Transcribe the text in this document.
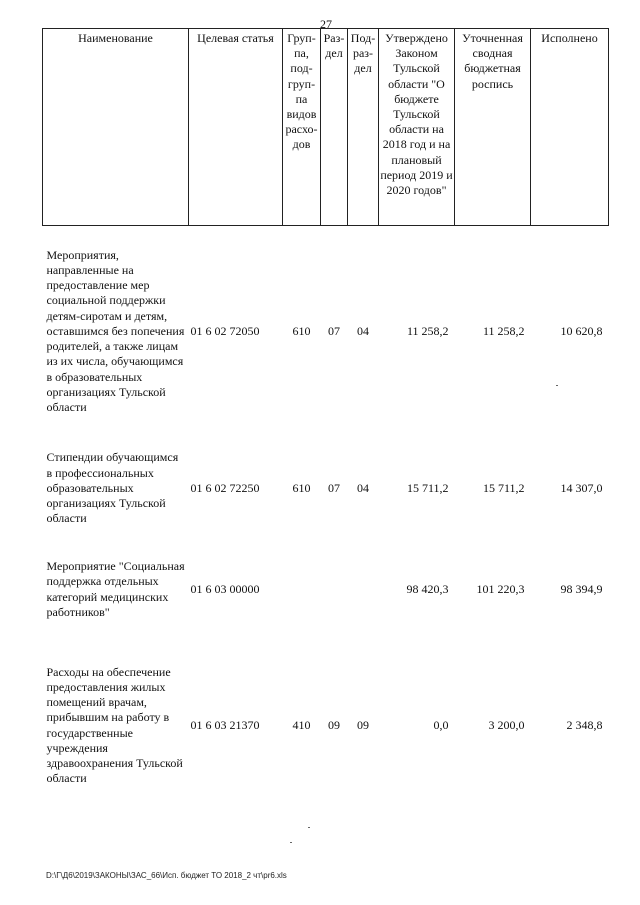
27
Наименование	Целевая статья	Груп-па, под-груп-па видов расхо-дов	Раз-дел	Под-раз-дел	Утверждено Законом Тульской области "О бюджете Тульской области на 2018 год и на плановый период 2019 и 2020 годов"	Уточненная сводная бюджетная роспись	Исполнено

Мероприятия, направленные на предоставление мер социальной поддержки детям-сиротам и детям, оставшимся без попечения родителей, а также лицам из их числа, обучающимся в образовательных организациях Тульской области	01 6 02 72050	610	07	04	11 258,2	11 258,2	10 620,8

Стипендии обучающимся в профессиональных образовательных организациях Тульской области	01 6 02 72250	610	07	04	15 711,2	15 711,2	14 307,0

Мероприятие "Социальная поддержка отдельных категорий медицинских работников"	01 6 03 00000				98 420,3	101 220,3	98 394,9

Расходы на обеспечение предоставления жилых помещений врачам, прибывшим на работу в государственные учреждения здравоохранения Тульской области	01 6 03 21370	410	09	09	0,0	3 200,0	2 348,8
D:\Г\Д6\2019\ЗАКОНЫ\ЗАС_66\Исп. бюджет ТО 2018_2 чт\pr6.xls
